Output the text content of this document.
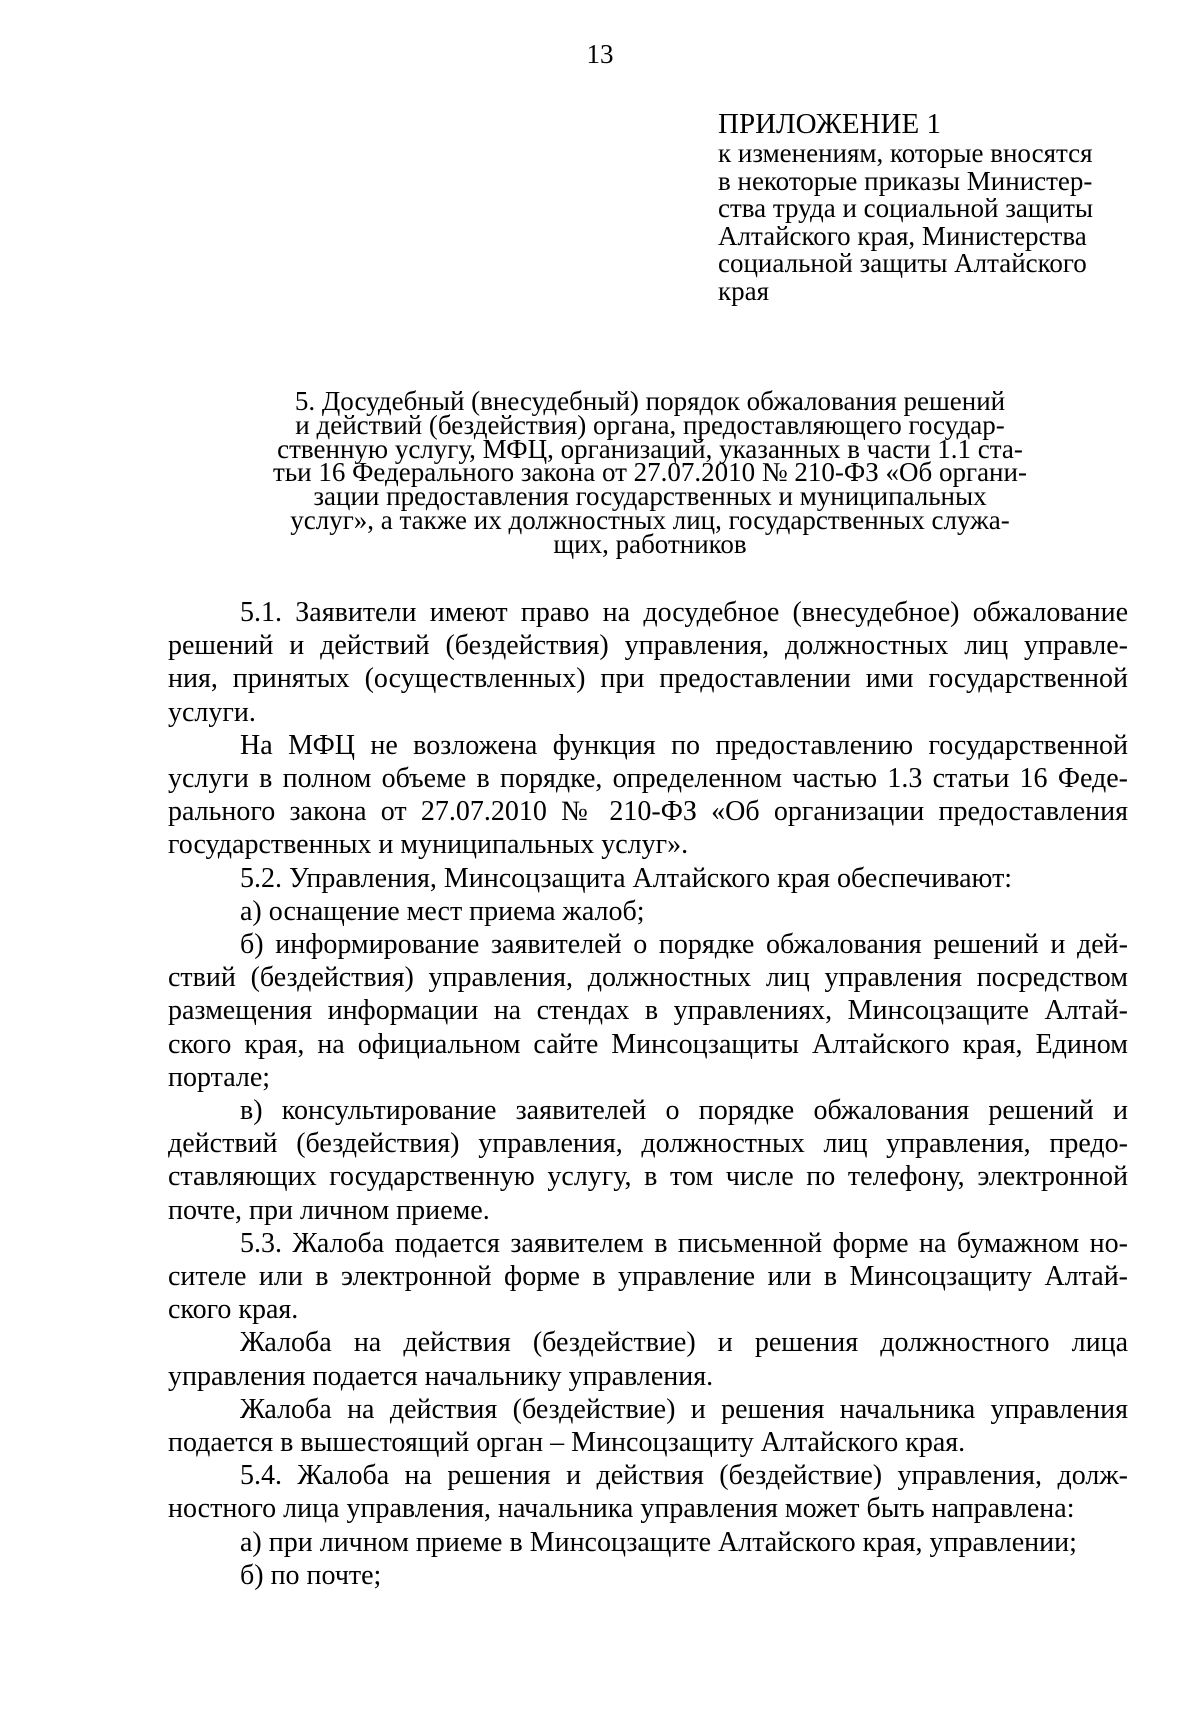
13
ПРИЛОЖЕНИЕ 1
к изменениям, которые вносятся
в некоторые приказы Министер-
ства труда и социальной защиты
Алтайского края, Министерства
социальной защиты Алтайского
края
5. Досудебный (внесудебный) порядок обжалования решений
и действий (бездействия) органа, предоставляющего государ-
ственную услугу, МФЦ, организаций, указанных в части 1.1 ста-
тьи 16 Федерального закона от 27.07.2010 № 210-ФЗ «Об органи-
зации предоставления государственных и муниципальных
услуг», а также их должностных лиц, государственных служа-
щих, работников
5.1. Заявители имеют право на досудебное (внесудебное) обжалование
решений и действий (бездействия) управления, должностных лиц управле-
ния, принятых (осуществленных) при предоставлении ими государственной
услуги.
На МФЦ не возложена функция по предоставлению государственной
услуги в полном объеме в порядке, определенном частью 1.3 статьи 16 Феде-
рального закона от 27.07.2010 № 210-ФЗ «Об организации предоставления
государственных и муниципальных услуг».
5.2. Управления, Минсоцзащита Алтайского края обеспечивают:
а) оснащение мест приема жалоб;
б) информирование заявителей о порядке обжалования решений и дей-
ствий (бездействия) управления, должностных лиц управления посредством
размещения информации на стендах в управлениях, Минсоцзащите Алтай-
ского края, на официальном сайте Минсоцзащиты Алтайского края, Едином
портале;
в) консультирование заявителей о порядке обжалования решений и
действий (бездействия) управления, должностных лиц управления, предо-
ставляющих государственную услугу, в том числе по телефону, электронной
почте, при личном приеме.
5.3. Жалоба подается заявителем в письменной форме на бумажном но-
сителе или в электронной форме в управление или в Минсоцзащиту Алтай-
ского края.
Жалоба на действия (бездействие) и решения должностного лица
управления подается начальнику управления.
Жалоба на действия (бездействие) и решения начальника управления
подается в вышестоящий орган – Минсоцзащиту Алтайского края.
5.4. Жалоба на решения и действия (бездействие) управления, долж-
ностного лица управления, начальника управления может быть направлена:
а) при личном приеме в Минсоцзащите Алтайского края, управлении;
б) по почте;
